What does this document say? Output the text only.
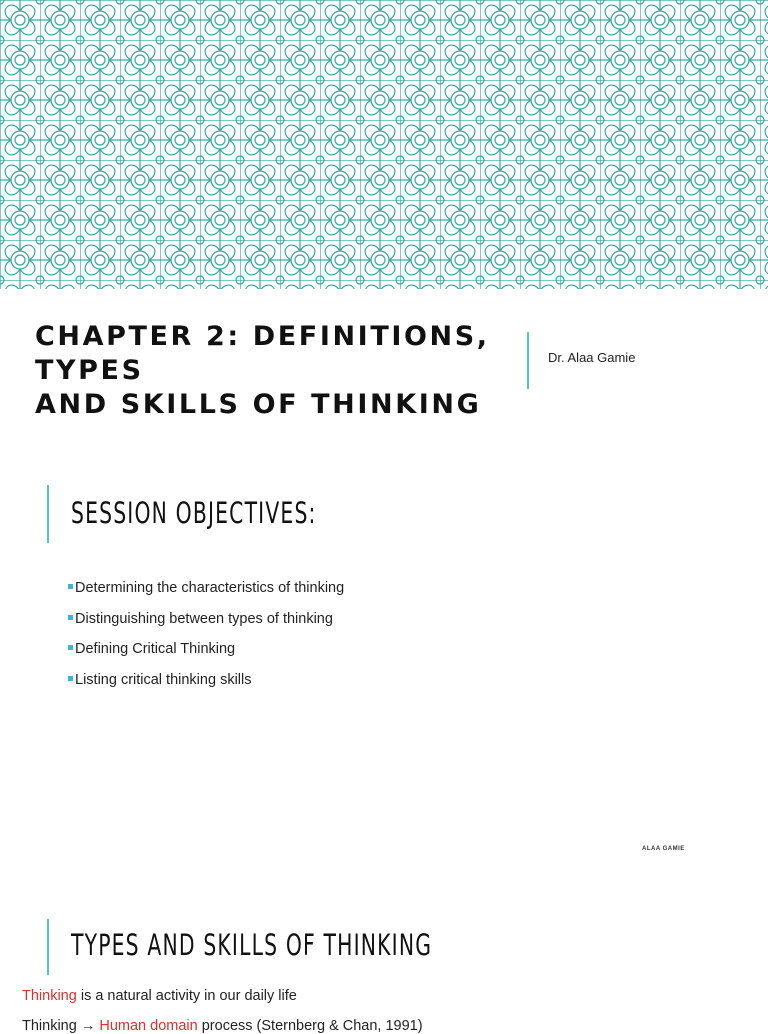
CHAPTER 2: DEFINITIONS, TYPES
AND SKILLS OF THINKING
Dr. Alaa Gamie
SESSION OBJECTIVES:
Determining the characteristics of thinking
Distinguishing between types of thinking
Defining Critical Thinking
Listing critical thinking skills
ALAA GAMIE
TYPES AND SKILLS OF THINKING
Thinking is a natural activity in our daily life
Thinking → Human domain process (Sternberg & Chan, 1991)
